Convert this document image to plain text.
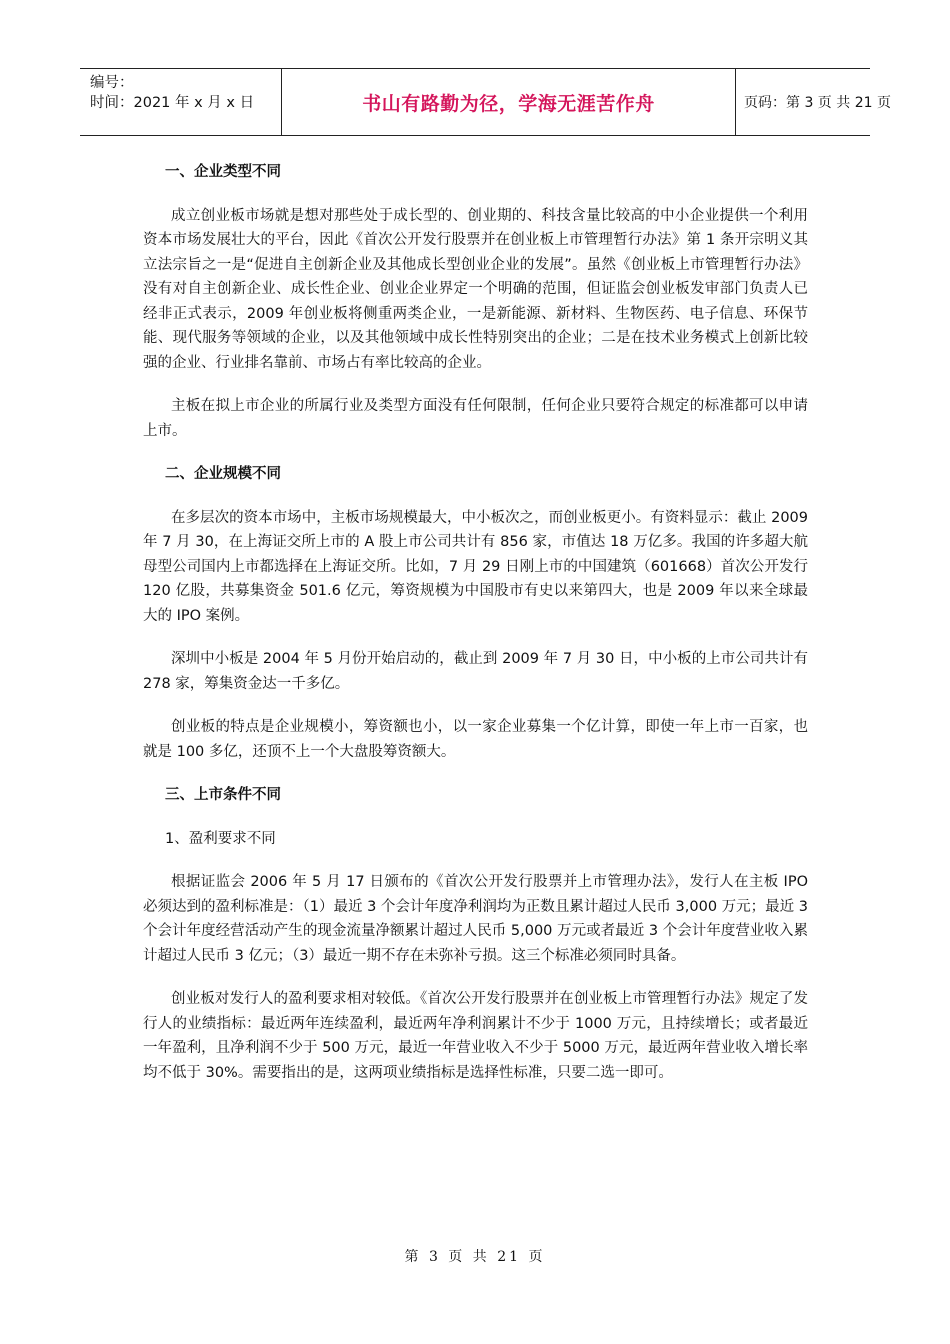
编号：
时间：2021 年 x 月 x 日	书山有路勤为径，学海无涯苦作舟	页码：第 3 页 共 21 页
一、企业类型不同

成立创业板市场就是想对那些处于成长型的、创业期的、科技含量比较高的中小企业提供一个利用资本市场发展壮大的平台，因此《首次公开发行股票并在创业板上市管理暂行办法》第 1 条开宗明义其立法宗旨之一是“促进自主创新企业及其他成长型创业企业的发展”。虽然《创业板上市管理暂行办法》没有对自主创新企业、成长性企业、创业企业界定一个明确的范围，但证监会创业板发审部门负责人已经非正式表示，2009 年创业板将侧重两类企业，一是新能源、新材料、生物医药、电子信息、环保节能、现代服务等领域的企业，以及其他领域中成长性特别突出的企业；二是在技术业务模式上创新比较强的企业、行业排名靠前、市场占有率比较高的企业。

主板在拟上市企业的所属行业及类型方面没有任何限制，任何企业只要符合规定的标准都可以申请上市。

二、企业规模不同

在多层次的资本市场中，主板市场规模最大，中小板次之，而创业板更小。有资料显示：截止 2009 年 7 月 30，在上海证交所上市的 A 股上市公司共计有 856 家，市值达 18 万亿多。我国的许多超大航母型公司国内上市都选择在上海证交所。比如，7 月 29 日刚上市的中国建筑（601668）首次公开发行 120 亿股，共募集资金 501.6 亿元，筹资规模为中国股市有史以来第四大，也是 2009 年以来全球最大的 IPO 案例。

深圳中小板是 2004 年 5 月份开始启动的，截止到 2009 年 7 月 30 日，中小板的上市公司共计有 278 家，筹集资金达一千多亿。

创业板的特点是企业规模小，筹资额也小，以一家企业募集一个亿计算，即使一年上市一百家，也就是 100 多亿，还顶不上一个大盘股筹资额大。

三、上市条件不同
1、盈利要求不同

根据证监会 2006 年 5 月 17 日颁布的《首次公开发行股票并上市管理办法》，发行人在主板 IPO 必须达到的盈利标准是：（1）最近 3 个会计年度净利润均为正数且累计超过人民币 3,000 万元；最近 3 个会计年度经营活动产生的现金流量净额累计超过人民币 5,000 万元或者最近 3 个会计年度营业收入累计超过人民币 3 亿元；（3）最近一期不存在未弥补亏损。这三个标准必须同时具备。

创业板对发行人的盈利要求相对较低。《首次公开发行股票并在创业板上市管理暂行办法》规定了发行人的业绩指标：最近两年连续盈利，最近两年净利润累计不少于 1000 万元，且持续增长；或者最近一年盈利，且净利润不少于 500 万元，最近一年营业收入不少于 5000 万元，最近两年营业收入增长率均不低于 30%。需要指出的是，这两项业绩指标是选择性标准，只要二选一即可。

第 3 页 共 21 页
